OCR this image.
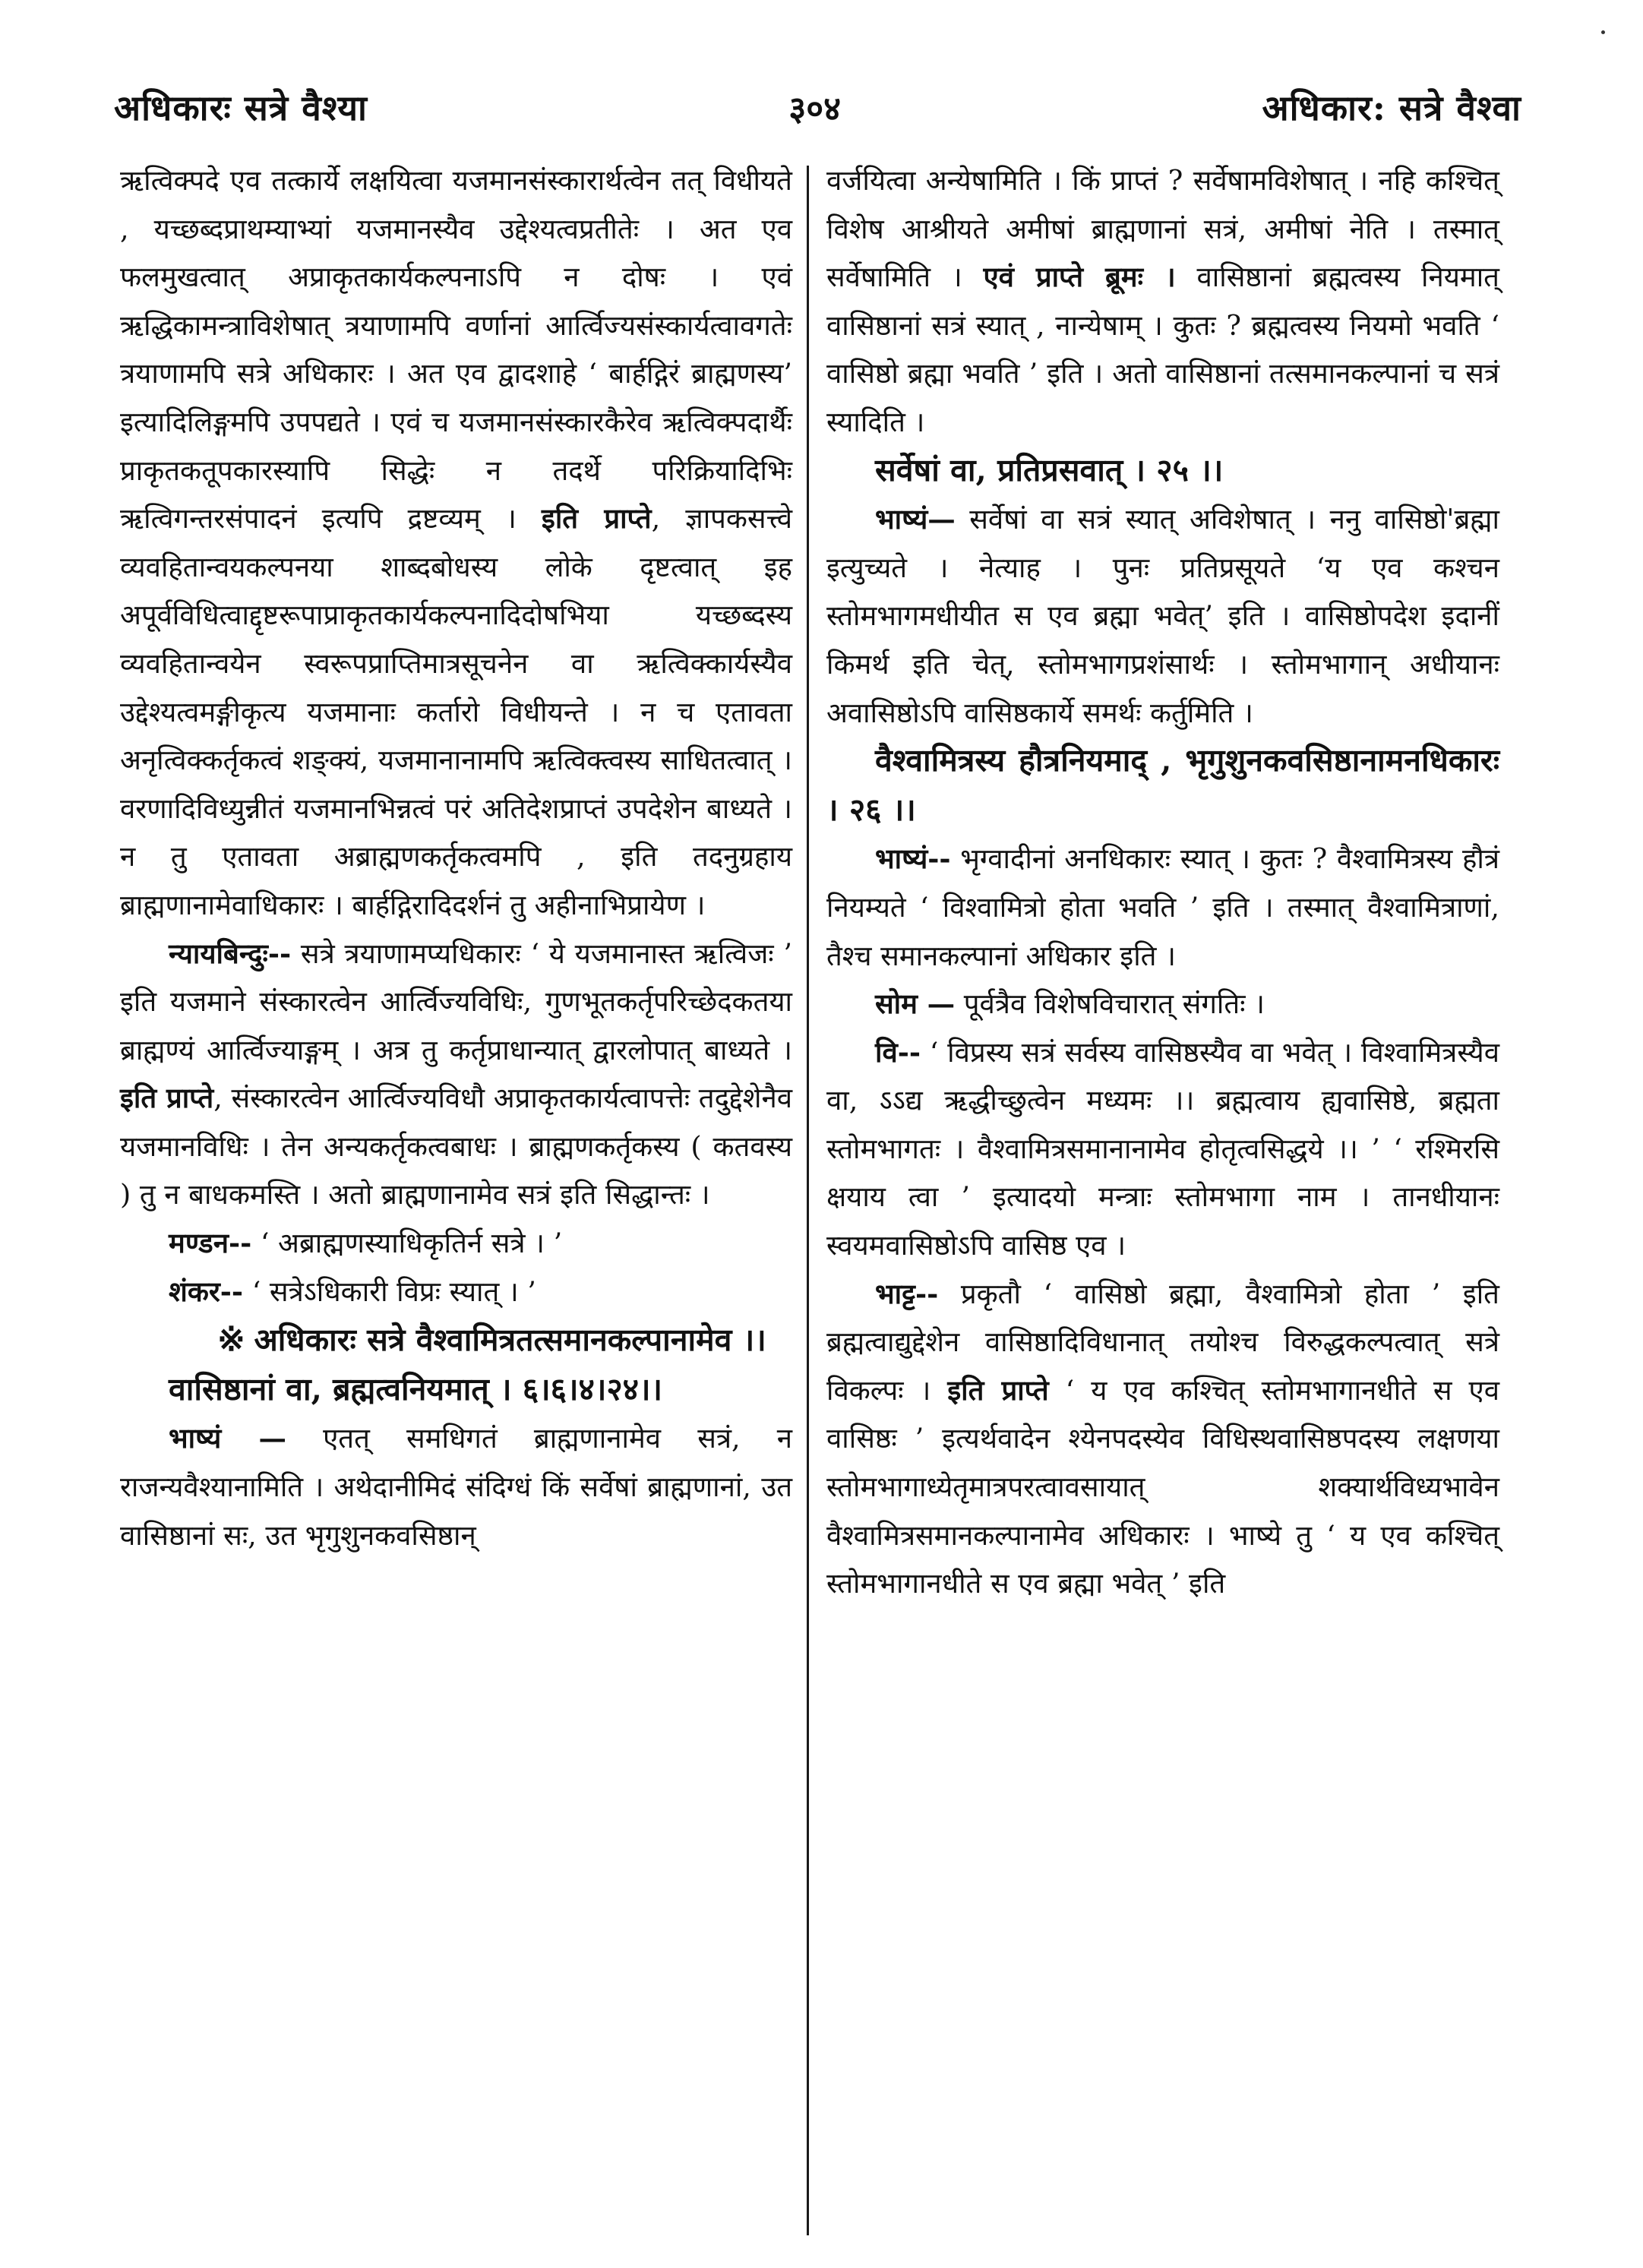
अधिकारः सत्रे वैश्या	३०४	अधिकार: सत्रे वैश्वा

ऋत्विक्पदे एव तत्कार्ये लक्षयित्वा यजमानसंस्कारार्थत्वेन तत् विधीयते , यच्छब्दप्राथम्याभ्यां यजमानस्यैव उद्देश्यत्वप्रतीतेः । अत एव फलमुखत्वात् अप्राकृतकार्यकल्पनाऽपि न दोषः । एवं ऋद्धिकामन्त्राविशेषात् त्रयाणामपि वर्णानां आर्त्विज्यसंस्कार्यत्वावगतेः त्रयाणामपि सत्रे अधिकारः । अत एव द्वादशाहे ‘ बार्हद्गिरं ब्राह्मणस्य’ इत्यादिलिङ्गमपि उपपद्यते । एवं च यजमानसंस्कारकैरेव ऋत्विक्पदार्थैः प्राकृतकतूपकारस्यापि सिद्धेः न तदर्थे परिक्रियादिभिः ऋत्विगन्तरसंपादनं इत्यपि द्रष्टव्यम् । इति प्राप्ते, ज्ञापकसत्त्वे व्यवहितान्वयकल्पनया शाब्दबोधस्य लोके दृष्टत्वात् इह अपूर्वविधित्वाद्दृष्टरूपाप्राकृतकार्यकल्पनादिदोषभिया यच्छब्दस्य व्यवहितान्वयेन स्वरूपप्राप्तिमात्रसूचनेन वा ऋत्विक्कार्यस्यैव उद्देश्यत्वमङ्गीकृत्य यजमानाः कर्तारो विधीयन्ते । न च एतावता अनृत्विक्कर्तृकत्वं शङ्क्यं, यजमानानामपि ऋत्विक्त्वस्य साधितत्वात् । वरणादिविध्युन्नीतं यजमानभिन्नत्वं परं अतिदेशप्राप्तं उपदेशेन बाध्यते । न तु एतावता अब्राह्मणकर्तृकत्वमपि , इति तदनुग्रहाय ब्राह्मणानामेवाधिकारः । बार्हद्गिरादिदर्शनं तु अहीनाभिप्रायेण ।

न्यायबिन्दुः-- सत्रे त्रयाणामप्यधिकारः ‘ ये यजमानास्त ऋत्विजः ’ इति यजमाने संस्कारत्वेन आर्त्विज्यविधिः, गुणभूतकर्तृपरिच्छेदकतया ब्राह्मण्यं आर्त्विज्याङ्गम् । अत्र तु कर्तृप्राधान्यात् द्वारलोपात् बाध्यते । इति प्राप्ते, संस्कारत्वेन आर्त्विज्यविधौ अप्राकृतकार्यत्वापत्तेः तदुद्देशेनैव यजमानविधिः । तेन अन्यकर्तृकत्वबाधः । ब्राह्मणकर्तृकस्य ( कतवस्य ) तु न बाधकमस्ति । अतो ब्राह्मणानामेव सत्रं इति सिद्धान्तः ।

मण्डन-- ‘ अब्राह्मणस्याधिकृतिर्न सत्रे । ’

शंकर-- ‘ सत्रेऽधिकारी विप्रः स्यात् । ’

※ अधिकारः सत्रे वैश्वामित्रतत्समानकल्पानामेव ।।

वासिष्ठानां वा, ब्रह्मत्वनियमात् । ६।६।४।२४।।

भाष्यं — एतत् समधिगतं ब्राह्मणानामेव सत्रं, न राजन्यवैश्यानामिति । अथेदानीमिदं संदिग्धं किं सर्वेषां ब्राह्मणानां, उत वासिष्ठानां सः, उत भृगुशुनकवसिष्ठान्

वर्जयित्वा अन्येषामिति । किं प्राप्तं ? सर्वेषामविशेषात् । नहि कश्चित् विशेष आश्रीयते अमीषां ब्राह्मणानां सत्रं, अमीषां नेति । तस्मात् सर्वेषामिति । एवं प्राप्ते ब्रूमः । वासिष्ठानां ब्रह्मत्वस्य नियमात् वासिष्ठानां सत्रं स्यात् , नान्येषाम् । कुतः ? ब्रह्मत्वस्य नियमो भवति ‘ वासिष्ठो ब्रह्मा भवति ’ इति । अतो वासिष्ठानां तत्समानकल्पानां च सत्रं स्यादिति ।

सर्वेषां वा, प्रतिप्रसवात् । २५ ।।

भाष्यं— सर्वेषां वा सत्रं स्यात् अविशेषात् । ननु वासिष्ठो'ब्रह्मा इत्युच्यते । नेत्याह । पुनः प्रतिप्रसूयते ‘य एव कश्चन स्तोमभागमधीयीत स एव ब्रह्मा भवेत्’ इति । वासिष्ठोपदेश इदानीं किमर्थ इति चेत्, स्तोमभागप्रशंसार्थः । स्तोमभागान् अधीयानः अवासिष्ठोऽपि वासिष्ठकार्ये समर्थः कर्तुमिति ।

वैश्वामित्रस्य हौत्रनियमाद् , भृगुशुनकवसिष्ठानामनधिकारः । २६ ।।

भाष्यं-- भृग्वादीनां अनधिकारः स्यात् । कुतः ? वैश्वामित्रस्य हौत्रं नियम्यते ‘ विश्वामित्रो होता भवति ’ इति । तस्मात् वैश्वामित्राणां, तैश्च समानकल्पानां अधिकार इति ।

सोम — पूर्वत्रैव विशेषविचारात् संगतिः ।

वि-- ‘ विप्रस्य सत्रं सर्वस्य वासिष्ठस्यैव वा भवेत् । विश्वामित्रस्यैव वा, ऽऽद्य ऋद्धीच्छुत्वेन मध्यमः ।। ब्रह्मत्वाय ह्यवासिष्ठे, ब्रह्मता स्तोमभागतः । वैश्वामित्रसमानानामेव होतृत्वसिद्धये ।। ’ ‘ रश्मिरसि क्षयाय त्वा ’ इत्यादयो मन्त्राः स्तोमभागा नाम । तानधीयानः स्वयमवासिष्ठोऽपि वासिष्ठ एव ।

भाट्ट-- प्रकृतौ ‘ वासिष्ठो ब्रह्मा, वैश्वामित्रो होता ’ इति ब्रह्मत्वाद्युद्देशेन वासिष्ठादिविधानात् तयोश्च विरुद्धकल्पत्वात् सत्रे विकल्पः । इति प्राप्ते ‘ य एव कश्चित् स्तोमभागानधीते स एव वासिष्ठः ’ इत्यर्थवादेन श्येनपदस्येव विधिस्थवासिष्ठपदस्य लक्षणया स्तोमभागाध्येतृमात्रपरत्वावसायात् शक्यार्थविध्यभावेन वैश्वामित्रसमानकल्पानामेव अधिकारः । भाष्ये तु ‘ य एव कश्चित् स्तोमभागानधीते स एव ब्रह्मा भवेत् ’ इति
